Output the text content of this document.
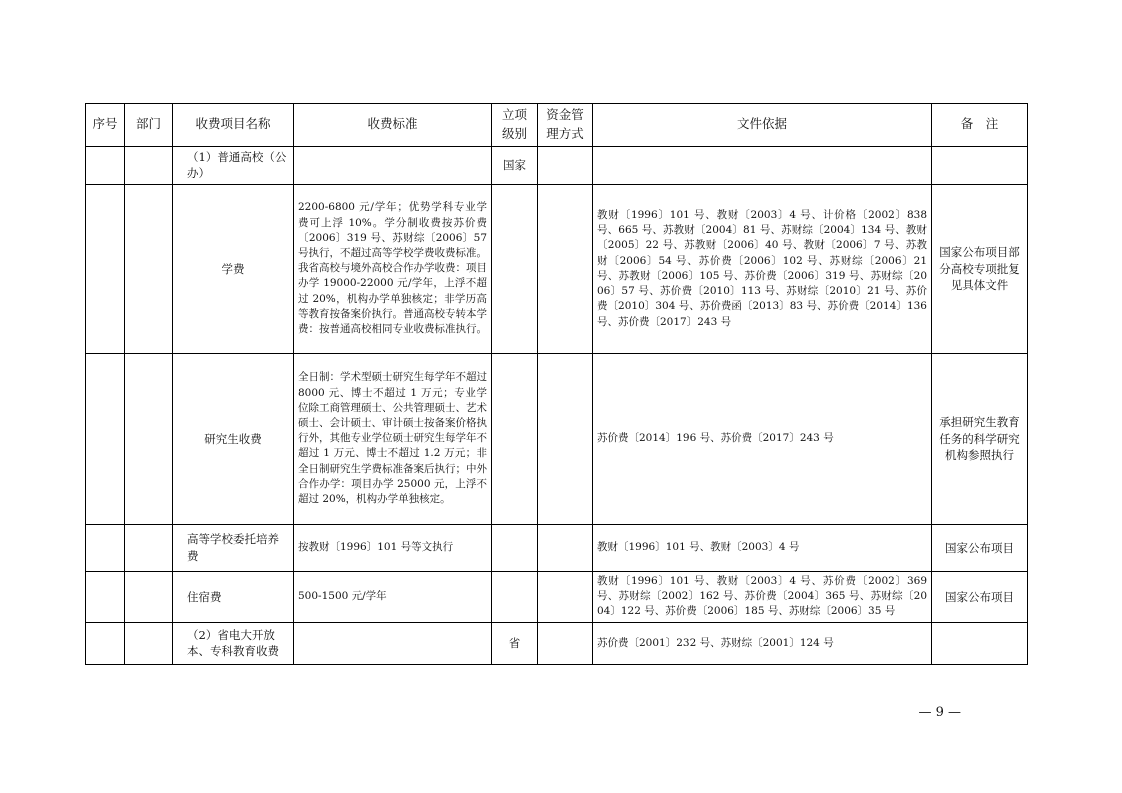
序号	部门	收费项目名称	收费标准	立项级别	资金管理方式	文件依据	备　注

		（1）普通高校（公办）		国家			
		学费	2200-6800 元/学年；优势学科专业学费可上浮 10%。学分制收费按苏价费〔2006〕319 号、苏财综〔2006〕57 号执行，不超过高等学校学费收费标准。我省高校与境外高校合作办学收费：项目办学 19000-22000 元/学年，上浮不超过 20%，机构办学单独核定；非学历高等教育按备案价执行。普通高校专转本学费：按普通高校相同专业收费标准执行。			教财〔1996〕101 号、教财〔2003〕4 号、计价格〔2002〕838 号、665 号、苏教财〔2004〕81 号、苏财综〔2004〕134 号、教财〔2005〕22 号、苏教财〔2006〕40 号、教财〔2006〕7 号、苏教财〔2006〕54 号、苏价费〔2006〕102 号、苏财综〔2006〕21 号、苏教财〔2006〕105 号、苏价费〔2006〕319 号、苏财综〔2006〕57 号、苏价费〔2010〕113 号、苏财综〔2010〕21 号、苏价费〔2010〕304 号、苏价费函〔2013〕83 号、苏价费〔2014〕136 号、苏价费〔2017〕243 号	国家公布项目部分高校专项批复见具体文件
		研究生收费	全日制：学术型硕士研究生每学年不超过 8000 元、博士不超过 1 万元；专业学位除工商管理硕士、公共管理硕士、艺术硕士、会计硕士、审计硕士按备案价格执行外，其他专业学位硕士研究生每学年不超过 1 万元、博士不超过 1.2 万元；非全日制研究生学费标准备案后执行；中外合作办学：项目办学 25000 元，上浮不超过 20%，机构办学单独核定。			苏价费〔2014〕196 号、苏价费〔2017〕243 号	承担研究生教育任务的科学研究机构参照执行

		高等学校委托培养费	按教财〔1996〕101 号等文执行			教财〔1996〕101 号、教财〔2003〕4 号	国家公布项目

		住宿费	500-1500 元/学年			教财〔1996〕101 号、教财〔2003〕4 号、苏价费〔2002〕369 号、苏财综〔2002〕162 号、苏价费〔2004〕365 号、苏财综〔2004〕122 号、苏价费〔2006〕185 号、苏财综〔2006〕35 号	国家公布项目

		（2）省电大开放本、专科教育收费		省		苏价费〔2001〕232 号、苏财综〔2001〕124 号	
— 9 —
